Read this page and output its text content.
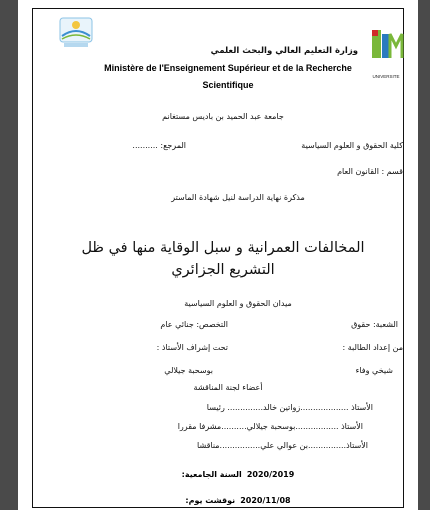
UNIVERSITE
وزارة التعليم العالي والبحث العلمي
Ministère de l'Enseignement Supérieur et de la Recherche
Scientifique
جامعة عبد الحميد بن باديس مستغانم
كلية الحقوق و العلوم السياسية
المرجع: ..........
قسم : القانون العام
مذكرة نهاية الدراسة لنيل شهادة الماستر
المخالفات العمرانية و سبل الوقاية منها في ظل
التشريع الجزائري
ميدان الحقوق و العلوم السياسية
الشعبة: حقوق
التخصص: جنائي عام
من إعداد الطالبة :
تحت إشراف الأستاذ :
شيخي وفاء
بوسحبة جيلالي
أعضاء لجنة المناقشة
الأستاذ ...................زواتين خالد.............. رئيسا
الأستاذ .................بوسحبة جيلالي..........مشرفا مقررا
الأستاذ...............بن عوالي علي................مناقشا
السنة الجامعية: 2020/2019
نوقشت يوم: 2020/11/08
